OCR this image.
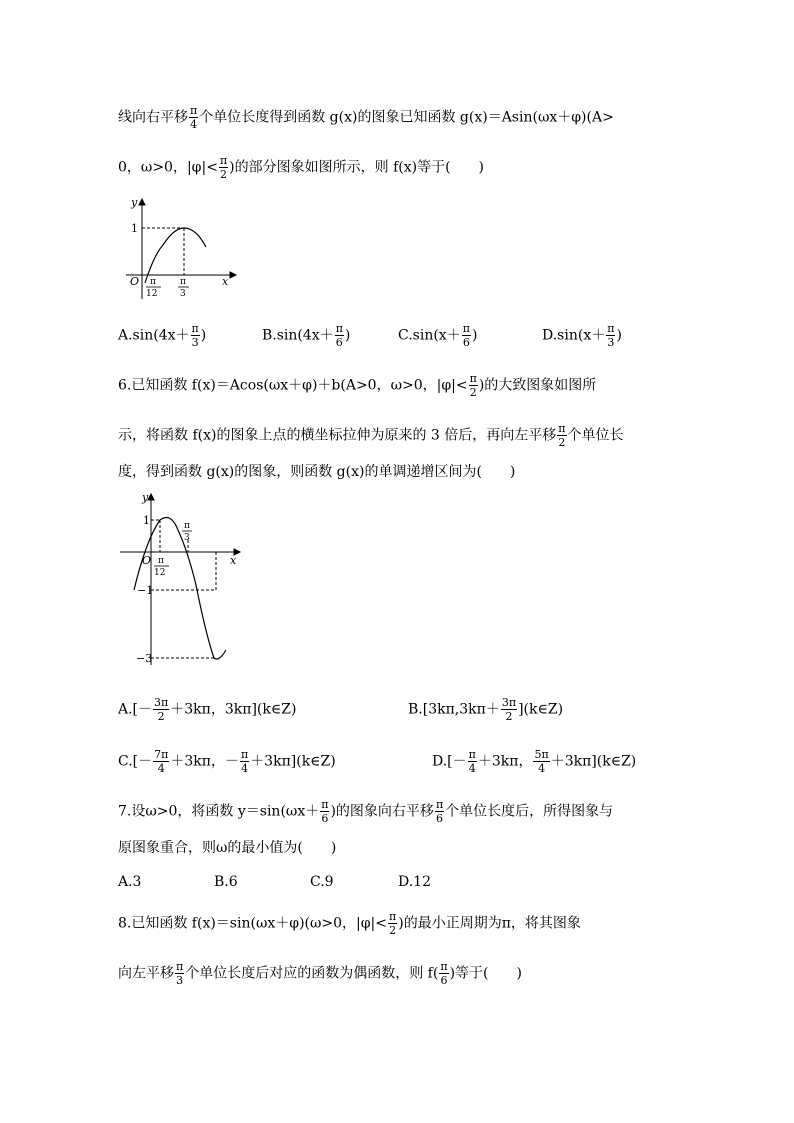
线向右平移 $\frac{\pi}{4}$ 个单位长度得到函数 g(x)的图象已知函数 g(x)＝Asin(ωx＋φ)(A>
0，ω>0，$|\varphi|< \frac{\pi}{2}$ )的部分图象如图所示，则 f(x)等于(　　)
y
x
O
1
π
12
π
3
$A.\sin(4x+ \frac{\pi}{3}$ )	$B.\sin(4x+ \frac{\pi}{6}$ )	$C.\sin(x+ \frac{\pi}{6}$ )	$D.\sin(x+ \frac{\pi}{3}$ )
6.已知函数 f(x)＝Acos(ωx＋φ)＋b(A>0，ω>0，$|\varphi|< \frac{\pi}{2}$ )的大致图象如图所
示，将函数 f(x)的图象上点的横坐标拉伸为原来的 3 倍后，再向左平移 $\frac{\pi}{2}$ 个单位长
度，得到函数 g(x)的图象，则函数 g(x)的单调递增区间为(　　)
y
x
O
1
−1
−3
π
12
π
3
$A.[- \frac{3\pi}{2} +3k\pi$，3kπ](k∈Z)	$B.[3k\pi,3k\pi+ \frac{3\pi}{2}$ ](k∈Z)
$C.[- \frac{7\pi}{4} +3k\pi$，－ $\frac{\pi}{4}$ ＋3kπ](k∈Z)	$D.[- \frac{\pi}{4} +3k\pi$， $\frac{5\pi}{4}$ ＋3kπ](k∈Z)
7.设ω>0，将函数 $y=\sin(\omega x+ \frac{\pi}{6}$ )的图象向右平移 $\frac{\pi}{6}$ 个单位长度后，所得图象与
原图象重合，则ω的最小值为(　　)
A.3	B.6	C.9	D.12
8.已知函数 f(x)＝sin(ωx＋φ)(ω>0，$|\varphi|< \frac{\pi}{2}$ )的最小正周期为π，将其图象
向左平移 $\frac{\pi}{3}$ 个单位长度后对应的函数为偶函数，则 $f( \frac{\pi}{6}$ )等于(　　)
